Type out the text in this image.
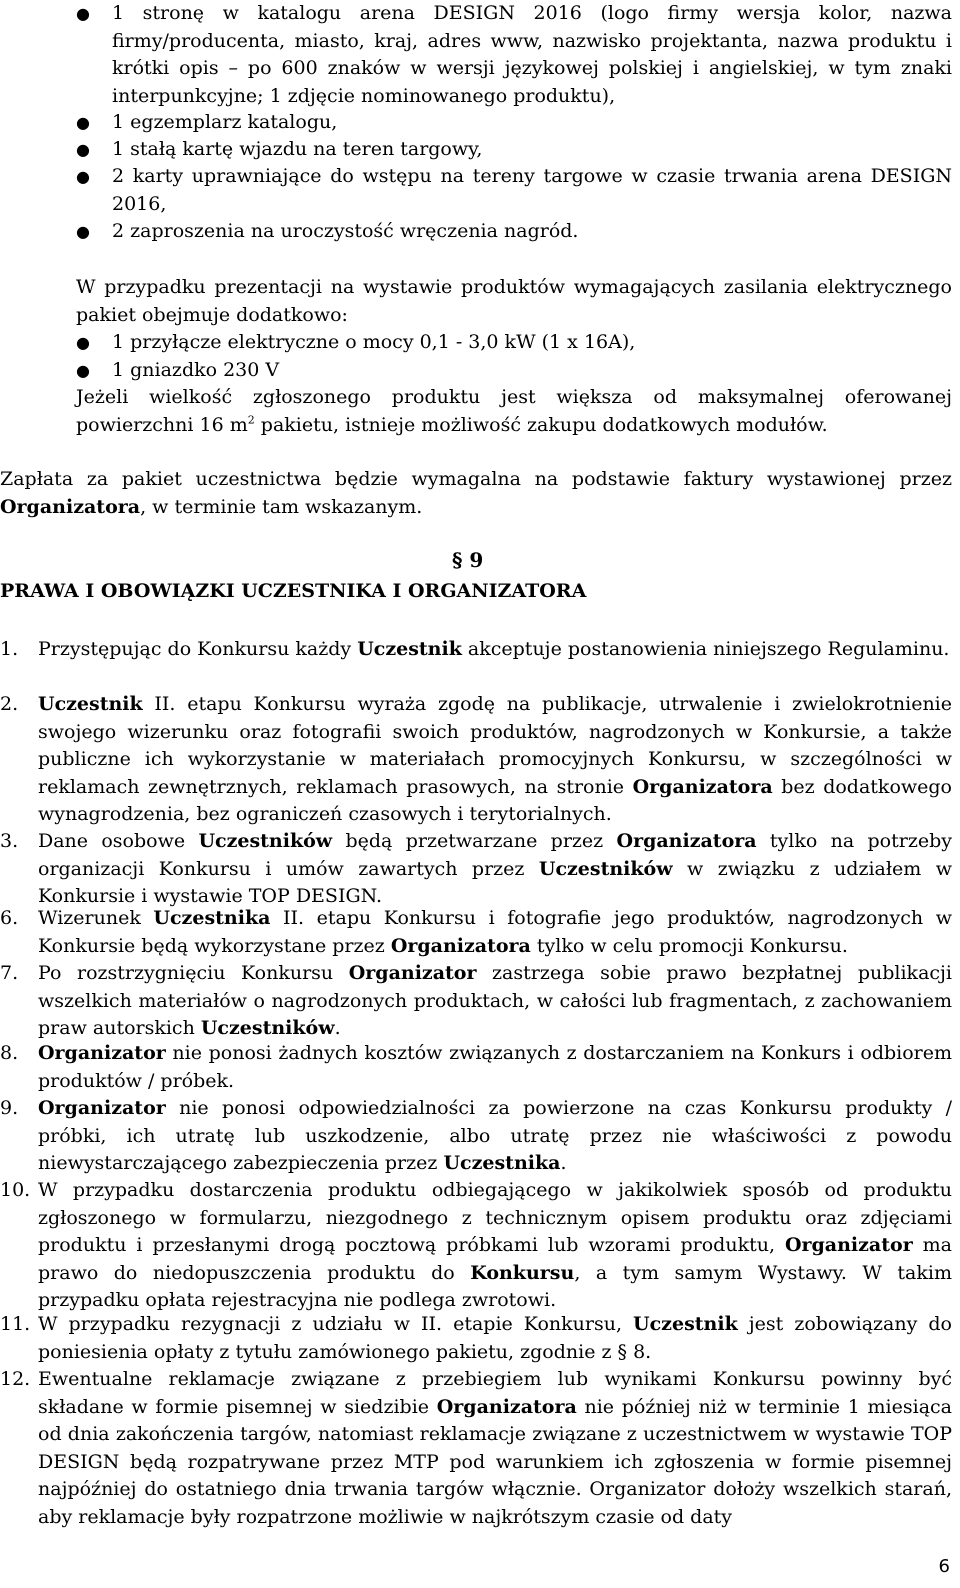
● 1 stronę w katalogu arena DESIGN 2016 (logo firmy wersja kolor, nazwa firmy/producenta, miasto, kraj, adres www, nazwisko projektanta, nazwa produktu i krótki opis – po 600 znaków w wersji językowej polskiej i angielskiej, w tym znaki interpunkcyjne; 1 zdjęcie nominowanego produktu),
● 1 egzemplarz katalogu,
● 1 stałą kartę wjazdu na teren targowy,
● 2 karty uprawniające do wstępu na tereny targowe w czasie trwania arena DESIGN 2016,
● 2 zaproszenia na uroczystość wręczenia nagród.
W przypadku prezentacji na wystawie produktów wymagających zasilania elektrycznego pakiet obejmuje dodatkowo:
● 1 przyłącze elektryczne o mocy 0,1 - 3,0 kW (1 x 16A),
● 1 gniazdko 230 V
Jeżeli wielkość zgłoszonego produktu jest większa od maksymalnej oferowanej powierzchni 16 $m^2$ pakietu, istnieje możliwość zakupu dodatkowych modułów.
Zapłata za pakiet uczestnictwa będzie wymagalna na podstawie faktury wystawionej przez Organizatora, w terminie tam wskazanym.
§ 9
PRAWA I OBOWIĄZKI UCZESTNIKA I ORGANIZATORA
1. Przystępując do Konkursu każdy Uczestnik akceptuje postanowienia niniejszego Regulaminu.
2. Uczestnik II. etapu Konkursu wyraża zgodę na publikacje, utrwalenie i zwielokrotnienie swojego wizerunku oraz fotografii swoich produktów, nagrodzonych w Konkursie, a także publiczne ich wykorzystanie w materiałach promocyjnych Konkursu, w szczególności w reklamach zewnętrznych, reklamach prasowych, na stronie Organizatora bez dodatkowego wynagrodzenia, bez ograniczeń czasowych i terytorialnych.
3. Dane osobowe Uczestników będą przetwarzane przez Organizatora tylko na potrzeby organizacji Konkursu i umów zawartych przez Uczestników w związku z udziałem w Konkursie i wystawie TOP DESIGN.
6. Wizerunek Uczestnika II. etapu Konkursu i fotografie jego produktów, nagrodzonych w Konkursie będą wykorzystane przez Organizatora tylko w celu promocji Konkursu.
7. Po rozstrzygnięciu Konkursu Organizator zastrzega sobie prawo bezpłatnej publikacji wszelkich materiałów o nagrodzonych produktach, w całości lub fragmentach, z zachowaniem praw autorskich Uczestników.
8. Organizator nie ponosi żadnych kosztów związanych z dostarczaniem na Konkurs i odbiorem produktów / próbek.
9. Organizator nie ponosi odpowiedzialności za powierzone na czas Konkursu produkty / próbki, ich utratę lub uszkodzenie, albo utratę przez nie właściwości z powodu niewystarczającego zabezpieczenia przez Uczestnika.
10. W przypadku dostarczenia produktu odbiegającego w jakikolwiek sposób od produktu zgłoszonego w formularzu, niezgodnego z technicznym opisem produktu oraz zdjęciami produktu i przesłanymi drogą pocztową próbkami lub wzorami produktu, Organizator ma prawo do niedopuszczenia produktu do Konkursu, a tym samym Wystawy. W takim przypadku opłata rejestracyjna nie podlega zwrotowi.
11. W przypadku rezygnacji z udziału w II. etapie Konkursu, Uczestnik jest zobowiązany do poniesienia opłaty z tytułu zamówionego pakietu, zgodnie z § 8.
12. Ewentualne reklamacje związane z przebiegiem lub wynikami Konkursu powinny być składane w formie pisemnej w siedzibie Organizatora nie później niż w terminie 1 miesiąca od dnia zakończenia targów, natomiast reklamacje związane z uczestnictwem w wystawie TOP DESIGN będą rozpatrywane przez MTP pod warunkiem ich zgłoszenia w formie pisemnej najpóźniej do ostatniego dnia trwania targów włącznie. Organizator dołoży wszelkich starań, aby reklamacje były rozpatrzone możliwie w najkrótszym czasie od daty
6
